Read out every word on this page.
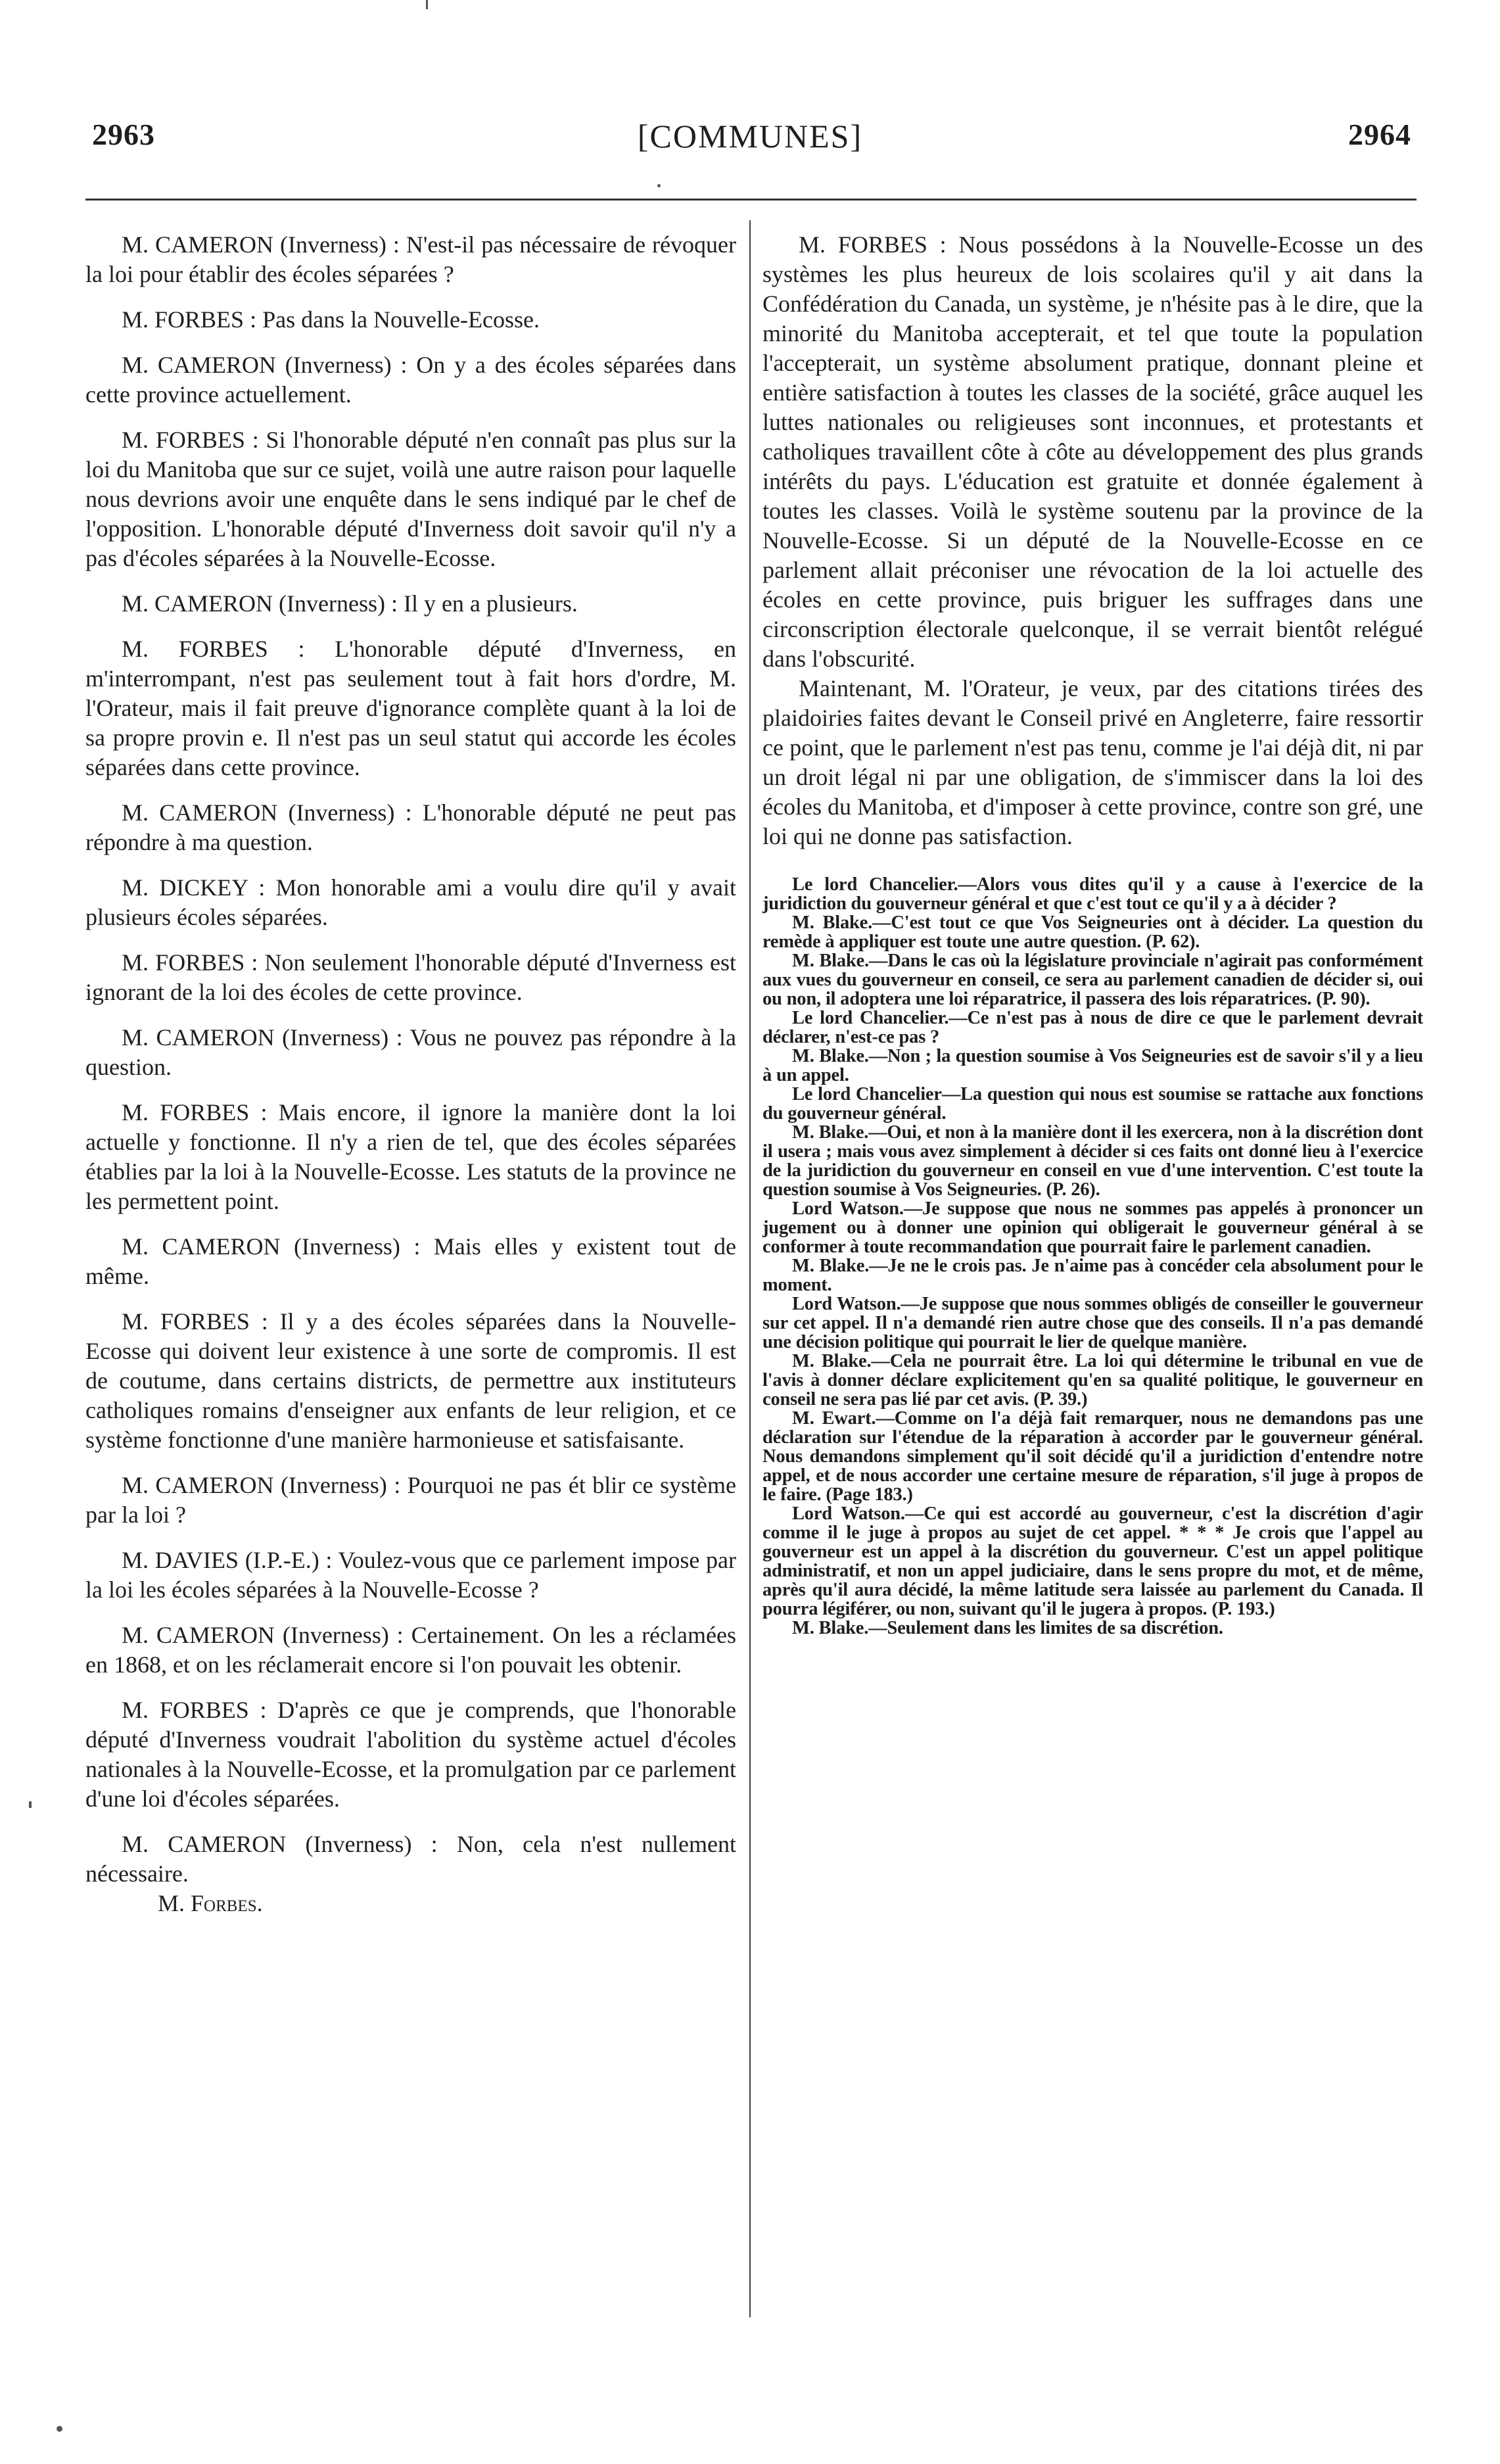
2963	[COMMUNES]	2964

M. CAMERON (Inverness) : N'est-il pas nécessaire de révoquer la loi pour établir des écoles séparées ?

M. FORBES : Pas dans la Nouvelle-Ecosse.

M. CAMERON (Inverness) : On y a des écoles séparées dans cette province actuellement.

M. FORBES : Si l'honorable député n'en connaît pas plus sur la loi du Manitoba que sur ce sujet, voilà une autre raison pour laquelle nous devrions avoir une enquête dans le sens indiqué par le chef de l'opposition. L'honorable député d'Inverness doit savoir qu'il n'y a pas d'écoles séparées à la Nouvelle-Ecosse.

M. CAMERON (Inverness) : Il y en a plusieurs.

M. FORBES : L'honorable député d'Inverness, en m'interrompant, n'est pas seulement tout à fait hors d'ordre, M. l'Orateur, mais il fait preuve d'ignorance complète quant à la loi de sa propre provin e. Il n'est pas un seul statut qui accorde les écoles séparées dans cette province.

M. CAMERON (Inverness) : L'honorable député ne peut pas répondre à ma question.

M. DICKEY : Mon honorable ami a voulu dire qu'il y avait plusieurs écoles séparées.

M. FORBES : Non seulement l'honorable député d'Inverness est ignorant de la loi des écoles de cette province.

M. CAMERON (Inverness) : Vous ne pouvez pas répondre à la question.

M. FORBES : Mais encore, il ignore la manière dont la loi actuelle y fonctionne. Il n'y a rien de tel, que des écoles séparées établies par la loi à la Nouvelle-Ecosse. Les statuts de la province ne les permettent point.

M. CAMERON (Inverness) : Mais elles y existent tout de même.

M. FORBES : Il y a des écoles séparées dans la Nouvelle-Ecosse qui doivent leur existence à une sorte de compromis. Il est de coutume, dans certains districts, de permettre aux instituteurs catholiques romains d'enseigner aux enfants de leur religion, et ce système fonctionne d'une manière harmonieuse et satisfaisante.

M. CAMERON (Inverness) : Pourquoi ne pas ét blir ce système par la loi ?

M. DAVIES (I.P.-E.) : Voulez-vous que ce parlement impose par la loi les écoles séparées à la Nouvelle-Ecosse ?

M. CAMERON (Inverness) : Certainement. On les a réclamées en 1868, et on les réclamerait encore si l'on pouvait les obtenir.

M. FORBES : D'après ce que je comprends, que l'honorable député d'Inverness voudrait l'abolition du système actuel d'écoles nationales à la Nouvelle-Ecosse, et la promulgation par ce parlement d'une loi d'écoles séparées.

M. CAMERON (Inverness) : Non, cela n'est nullement nécessaire.

M. Forbes.

M. FORBES : Nous possédons à la Nouvelle-Ecosse un des systèmes les plus heureux de lois scolaires qu'il y ait dans la Confédération du Canada, un système, je n'hésite pas à le dire, que la minorité du Manitoba accepterait, et tel que toute la population l'accepterait, un système absolument pratique, donnant pleine et entière satisfaction à toutes les classes de la société, grâce auquel les luttes nationales ou religieuses sont inconnues, et protestants et catholiques travaillent côte à côte au développement des plus grands intérêts du pays. L'éducation est gratuite et donnée également à toutes les classes. Voilà le système soutenu par la province de la Nouvelle-Ecosse. Si un député de la Nouvelle-Ecosse en ce parlement allait préconiser une révocation de la loi actuelle des écoles en cette province, puis briguer les suffrages dans une circonscription électorale quelconque, il se verrait bientôt relégué dans l'obscurité.

Maintenant, M. l'Orateur, je veux, par des citations tirées des plaidoiries faites devant le Conseil privé en Angleterre, faire ressortir ce point, que le parlement n'est pas tenu, comme je l'ai déjà dit, ni par un droit légal ni par une obligation, de s'immiscer dans la loi des écoles du Manitoba, et d'imposer à cette province, contre son gré, une loi qui ne donne pas satisfaction.

Le lord Chancelier.—Alors vous dites qu'il y a cause à l'exercice de la juridiction du gouverneur général et que c'est tout ce qu'il y a à décider ?

M. Blake.—C'est tout ce que Vos Seigneuries ont à décider. La question du remède à appliquer est toute une autre question. (P. 62).

M. Blake.—Dans le cas où la législature provinciale n'agirait pas conformément aux vues du gouverneur en conseil, ce sera au parlement canadien de décider si, oui ou non, il adoptera une loi réparatrice, il passera des lois réparatrices. (P. 90).

Le lord Chancelier.—Ce n'est pas à nous de dire ce que le parlement devrait déclarer, n'est-ce pas ?

M. Blake.—Non ; la question soumise à Vos Seigneuries est de savoir s'il y a lieu à un appel.

Le lord Chancelier—La question qui nous est soumise se rattache aux fonctions du gouverneur général.

M. Blake.—Oui, et non à la manière dont il les exercera, non à la discrétion dont il usera ; mais vous avez simplement à décider si ces faits ont donné lieu à l'exercice de la juridiction du gouverneur en conseil en vue d'une intervention. C'est toute la question soumise à Vos Seigneuries. (P. 26).

Lord Watson.—Je suppose que nous ne sommes pas appelés à prononcer un jugement ou à donner une opinion qui obligerait le gouverneur général à se conformer à toute recommandation que pourrait faire le parlement canadien.

M. Blake.—Je ne le crois pas. Je n'aime pas à concéder cela absolument pour le moment.

Lord Watson.—Je suppose que nous sommes obligés de conseiller le gouverneur sur cet appel. Il n'a demandé rien autre chose que des conseils. Il n'a pas demandé une décision politique qui pourrait le lier de quelque manière.

M. Blake.—Cela ne pourrait être. La loi qui détermine le tribunal en vue de l'avis à donner déclare explicitement qu'en sa qualité politique, le gouverneur en conseil ne sera pas lié par cet avis. (P. 39.)

M. Ewart.—Comme on l'a déjà fait remarquer, nous ne demandons pas une déclaration sur l'étendue de la réparation à accorder par le gouverneur général. Nous demandons simplement qu'il soit décidé qu'il a juridiction d'entendre notre appel, et de nous accorder une certaine mesure de réparation, s'il juge à propos de le faire. (Page 183.)

Lord Watson.—Ce qui est accordé au gouverneur, c'est la discrétion d'agir comme il le juge à propos au sujet de cet appel. * * * Je crois que l'appel au gouverneur est un appel à la discrétion du gouverneur. C'est un appel politique administratif, et non un appel judiciaire, dans le sens propre du mot, et de même, après qu'il aura décidé, la même latitude sera laissée au parlement du Canada. Il pourra légiférer, ou non, suivant qu'il le jugera à propos. (P. 193.)

M. Blake.—Seulement dans les limites de sa discrétion.
